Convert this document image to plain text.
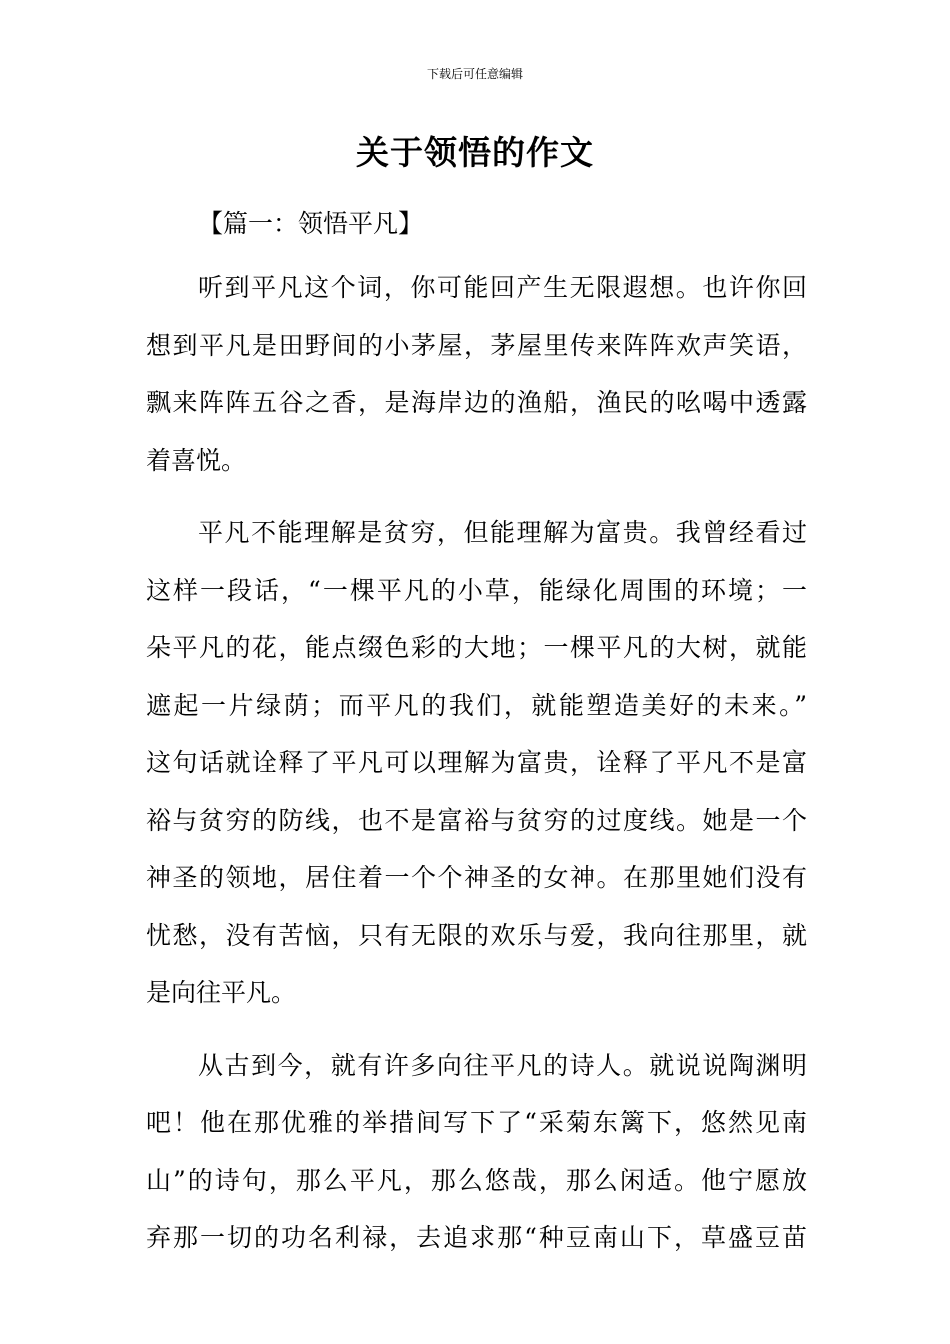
下载后可任意编辑
关于领悟的作文

【篇一：领悟平凡】

听到平凡这个词，你可能回产生无限遐想。也许你回
想到平凡是田野间的小茅屋，茅屋里传来阵阵欢声笑语，
飘来阵阵五谷之香，是海岸边的渔船，渔民的吆喝中透露
着喜悦。

平凡不能理解是贫穷，但能理解为富贵。我曾经看过
这样一段话，“一棵平凡的小草，能绿化周围的环境；一
朵平凡的花，能点缀色彩的大地；一棵平凡的大树，就能
遮起一片绿荫；而平凡的我们，就能塑造美好的未来。”
这句话就诠释了平凡可以理解为富贵，诠释了平凡不是富
裕与贫穷的防线，也不是富裕与贫穷的过度线。她是一个
神圣的领地，居住着一个个神圣的女神。在那里她们没有
忧愁，没有苦恼，只有无限的欢乐与爱，我向往那里，就
是向往平凡。

从古到今，就有许多向往平凡的诗人。就说说陶渊明
吧！他在那优雅的举措间写下了“采菊东篱下，悠然见南
山”的诗句，那么平凡，那么悠哉，那么闲适。他宁愿放
弃那一切的功名利禄，去追求那“种豆南山下，草盛豆苗
